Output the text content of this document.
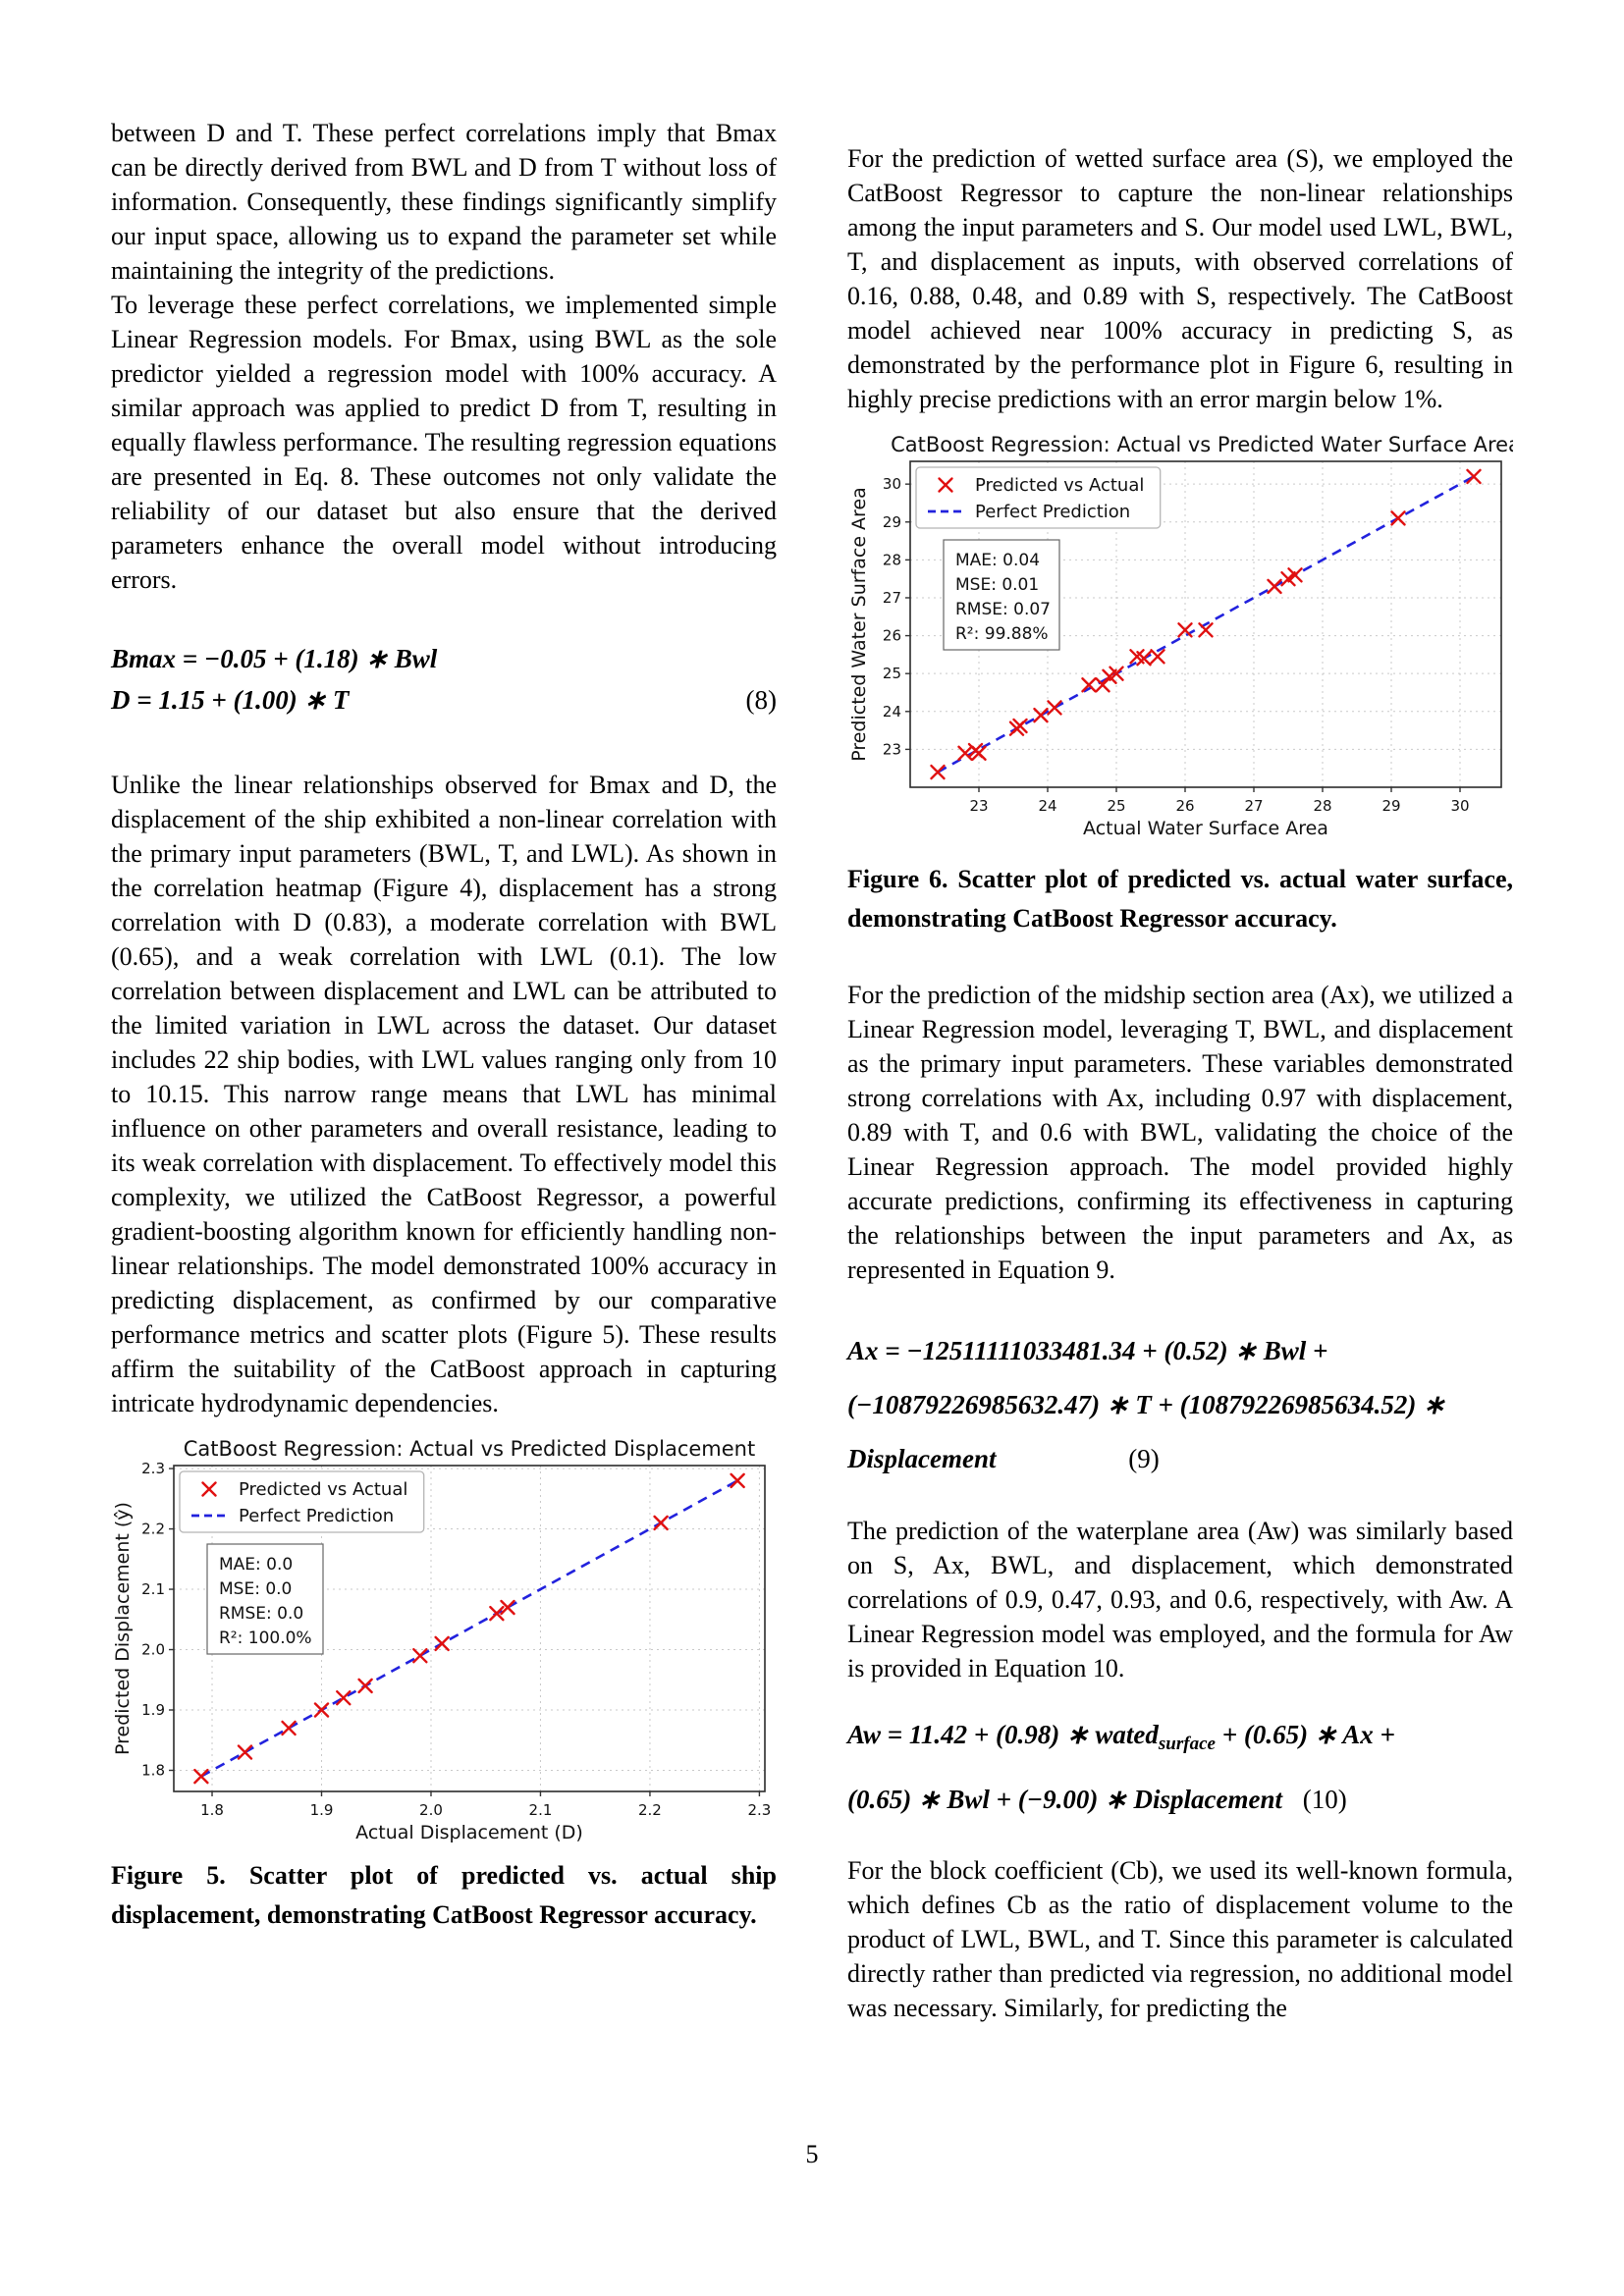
between D and T. These perfect correlations imply that Bmax can be directly derived from BWL and D from T without loss of information. Consequently, these findings significantly simplify our input space, allowing us to expand the parameter set while maintaining the integrity of the predictions.

To leverage these perfect correlations, we implemented simple Linear Regression models. For Bmax, using BWL as the sole predictor yielded a regression model with 100% accuracy. A similar approach was applied to predict D from T, resulting in equally flawless performance. The resulting regression equations are presented in Eq. 8. These outcomes not only validate the reliability of our dataset but also ensure that the derived parameters enhance the overall model without introducing errors.

Bmax = −0.05 + (1.18) ∗ Bwl
D = 1.15 + (1.00) ∗ T	(8)

Unlike the linear relationships observed for Bmax and D, the displacement of the ship exhibited a non-linear correlation with the primary input parameters (BWL, T, and LWL). As shown in the correlation heatmap (Figure 4), displacement has a strong correlation with D (0.83), a moderate correlation with BWL (0.65), and a weak correlation with LWL (0.1). The low correlation between displacement and LWL can be attributed to the limited variation in LWL across the dataset. Our dataset includes 22 ship bodies, with LWL values ranging only from 10 to 10.15. This narrow range means that LWL has minimal influence on other parameters and overall resistance, leading to its weak correlation with displacement. To effectively model this complexity, we utilized the CatBoost Regressor, a powerful gradient-boosting algorithm known for efficiently handling non-linear relationships. The model demonstrated 100% accuracy in predicting displacement, as confirmed by our comparative performance metrics and scatter plots (Figure 5). These results affirm the suitability of the CatBoost approach in capturing intricate hydrodynamic dependencies.

1.8	1.9	2.0	2.1	2.2	2.3
1.8
1.9
2.0
2.1
2.2
2.3
Predicted vs Actual
Perfect Prediction
MAE: 0.0
MSE: 0.0
RMSE: 0.0
R²: 100.0%
Actual Displacement (D)
Predicted Displacement (ŷ)
CatBoost Regression: Actual vs Predicted Displacement
Figure 5. Scatter plot of predicted vs. actual ship displacement, demonstrating CatBoost Regressor accuracy.

For the prediction of wetted surface area (S), we employed the CatBoost Regressor to capture the non-linear relationships among the input parameters and S. Our model used LWL, BWL, T, and displacement as inputs, with observed correlations of 0.16, 0.88, 0.48, and 0.89 with S, respectively. The CatBoost model achieved near 100% accuracy in predicting S, as demonstrated by the performance plot in Figure 6, resulting in highly precise predictions with an error margin below 1%.

23	24	25	26	27	28	29	30
23
24
25
26
27
28
29
30	Predicted vs Actual
Perfect Prediction
MAE: 0.04
MSE: 0.01
RMSE: 0.07
R²: 99.88%
Actual Water Surface Area
Predicted Water Surface Area
CatBoost Regression: Actual vs Predicted Water Surface Area
Figure 6. Scatter plot of predicted vs. actual water surface, demonstrating CatBoost Regressor accuracy.

For the prediction of the midship section area (Ax), we utilized a Linear Regression model, leveraging T, BWL, and displacement as the primary input parameters. These variables demonstrated strong correlations with Ax, including 0.97 with displacement, 0.89 with T, and 0.6 with BWL, validating the choice of the Linear Regression approach. The model provided highly accurate predictions, confirming its effectiveness in capturing the relationships between the input parameters and Ax, as represented in Equation 9.

Ax = −12511111033481.34 + (0.52) ∗ Bwl +
(−10879226985632.47) ∗ T + (10879226985634.52) ∗
Displacement	(9)

The prediction of the waterplane area (Aw) was similarly based on S, Ax, BWL, and displacement, which demonstrated correlations of 0.9, 0.47, 0.93, and 0.6, respectively, with Aw. A Linear Regression model was employed, and the formula for Aw is provided in Equation 10.

Aw = 11.42 + (0.98) ∗ wated$_{surface}$ + (0.65) ∗ Ax +
(0.65) ∗ Bwl + (−9.00) ∗ Displacement (10)

For the block coefficient (Cb), we used its well-known formula, which defines Cb as the ratio of displacement volume to the product of LWL, BWL, and T. Since this parameter is calculated directly rather than predicted via regression, no additional model was necessary. Similarly, for predicting the

5
